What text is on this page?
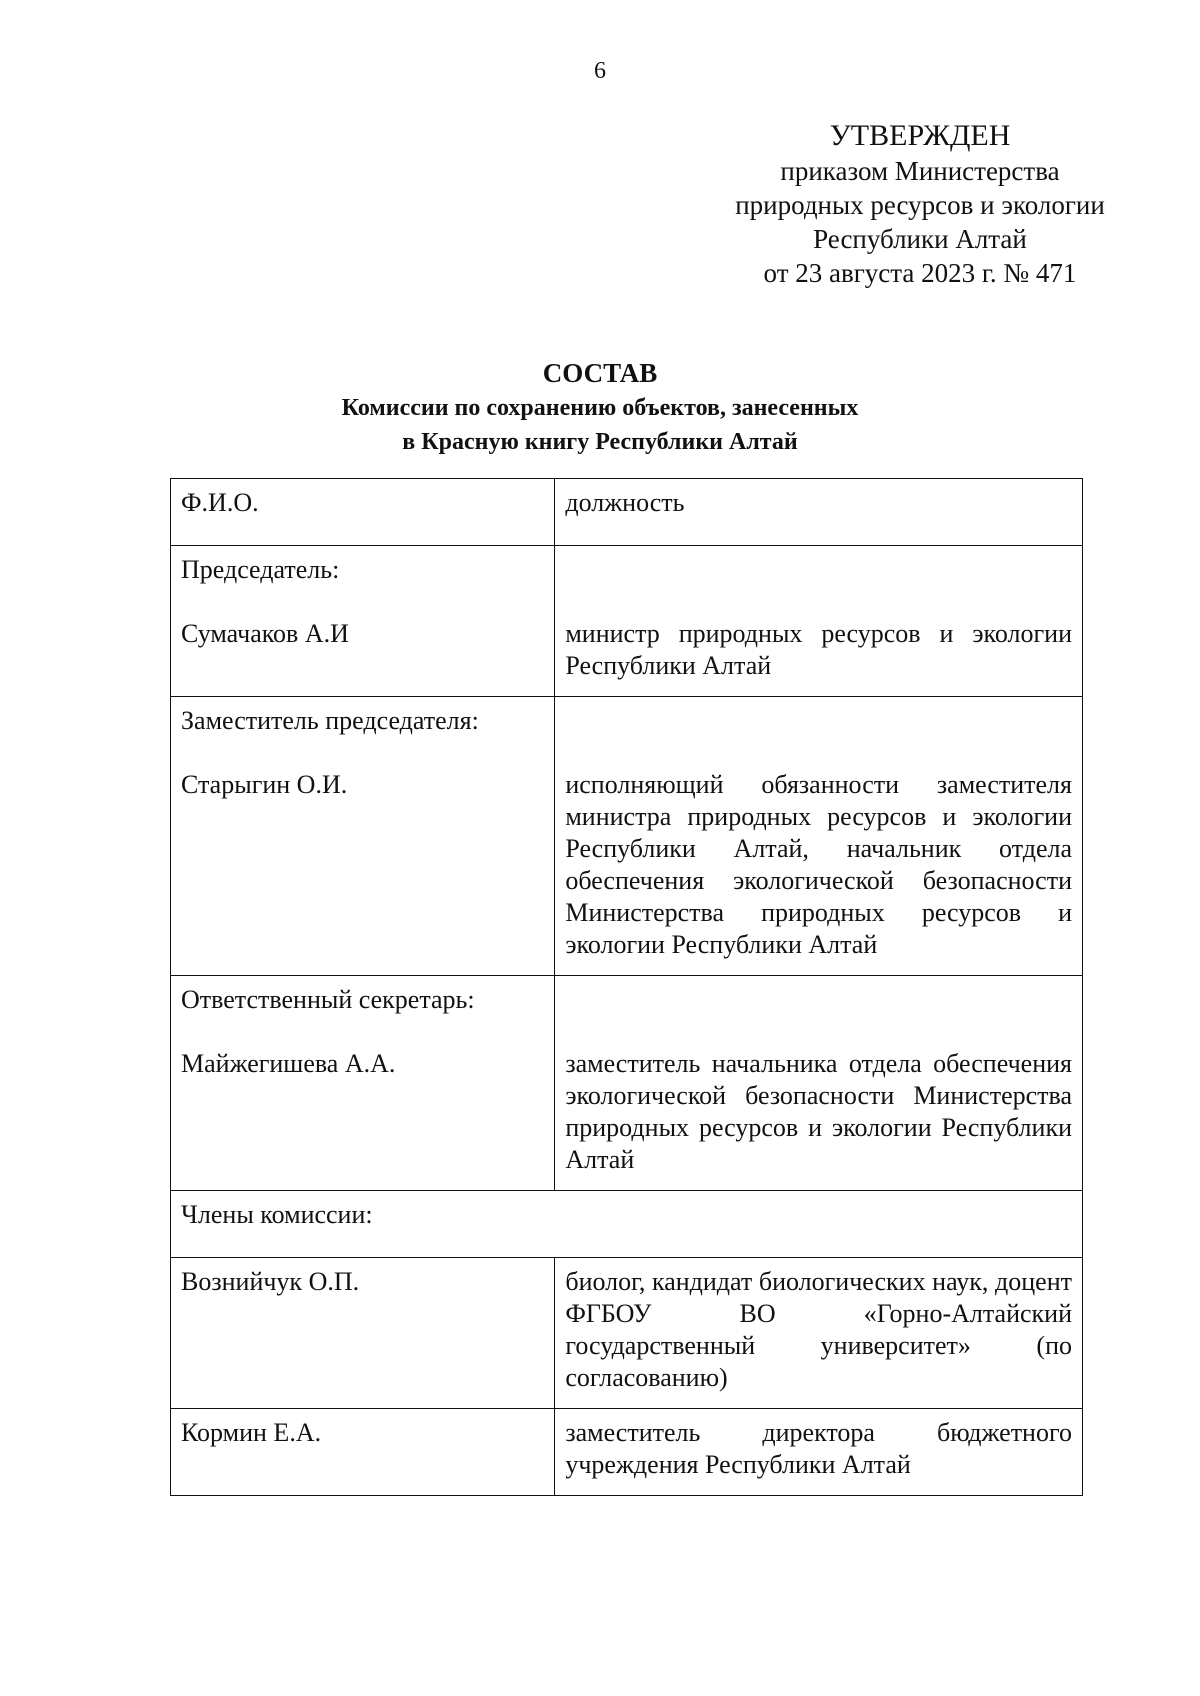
6
УТВЕРЖДЕН
приказом Министерства
природных ресурсов и экологии
Республики Алтай
от 23 августа 2023 г. № 471
СОСТАВ
Комиссии по сохранению объектов, занесенных
в Красную книгу Республики Алтай
Ф.И.О.	должность

Председатель:
Сумачаков А.И	министр природных ресурсов и экологии Республики Алтай

Заместитель председателя:
Старыгин О.И.	исполняющий обязанности заместителя министра природных ресурсов и экологии Республики Алтай, начальник отдела обеспечения экологической безопасности Министерства природных ресурсов и экологии Республики Алтай

Ответственный секретарь:
Майжегишева А.А.	заместитель начальника отдела обеспечения экологической безопасности Министерства природных ресурсов и экологии Республики Алтай

Члены комиссии:	
Вознийчук О.П.	биолог, кандидат биологических наук, доцент ФГБОУ ВО «Горно-Алтайский государственный университет» (по согласованию)
Кормин Е.А.	заместитель директора бюджетного учреждения Республики Алтай
